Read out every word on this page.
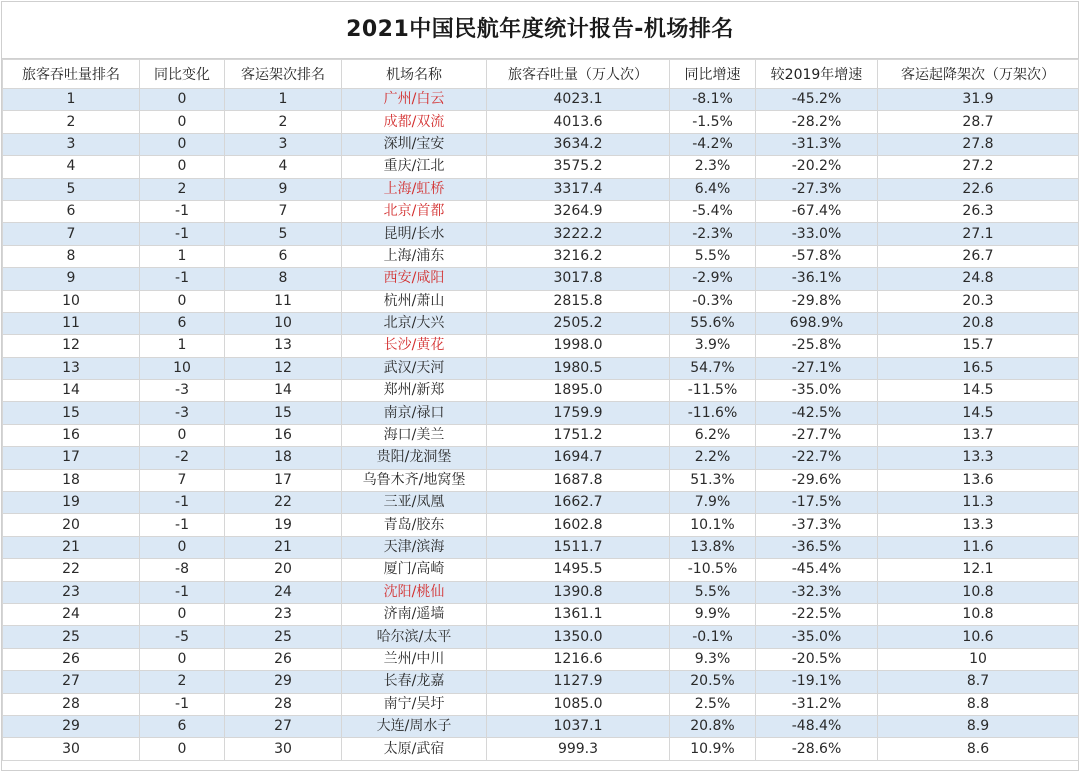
2021中国民航年度统计报告-机场排名
旅客吞吐量排名	同比变化	客运架次排名	机场名称	旅客吞吐量（万人次）	同比增速	较2019年增速	客运起降架次（万架次）
1	0	1	广州/白云	4023.1	-8.1%	-45.2%	31.9
2	0	2	成都/双流	4013.6	-1.5%	-28.2%	28.7
3	0	3	深圳/宝安	3634.2	-4.2%	-31.3%	27.8
4	0	4	重庆/江北	3575.2	2.3%	-20.2%	27.2
5	2	9	上海/虹桥	3317.4	6.4%	-27.3%	22.6
6	-1	7	北京/首都	3264.9	-5.4%	-67.4%	26.3
7	-1	5	昆明/长水	3222.2	-2.3%	-33.0%	27.1
8	1	6	上海/浦东	3216.2	5.5%	-57.8%	26.7
9	-1	8	西安/咸阳	3017.8	-2.9%	-36.1%	24.8
10	0	11	杭州/萧山	2815.8	-0.3%	-29.8%	20.3
11	6	10	北京/大兴	2505.2	55.6%	698.9%	20.8
12	1	13	长沙/黄花	1998.0	3.9%	-25.8%	15.7
13	10	12	武汉/天河	1980.5	54.7%	-27.1%	16.5
14	-3	14	郑州/新郑	1895.0	-11.5%	-35.0%	14.5
15	-3	15	南京/禄口	1759.9	-11.6%	-42.5%	14.5
16	0	16	海口/美兰	1751.2	6.2%	-27.7%	13.7
17	-2	18	贵阳/龙洞堡	1694.7	2.2%	-22.7%	13.3
18	7	17	乌鲁木齐/地窝堡	1687.8	51.3%	-29.6%	13.6
19	-1	22	三亚/凤凰	1662.7	7.9%	-17.5%	11.3
20	-1	19	青岛/胶东	1602.8	10.1%	-37.3%	13.3
21	0	21	天津/滨海	1511.7	13.8%	-36.5%	11.6
22	-8	20	厦门/高崎	1495.5	-10.5%	-45.4%	12.1
23	-1	24	沈阳/桃仙	1390.8	5.5%	-32.3%	10.8
24	0	23	济南/遥墙	1361.1	9.9%	-22.5%	10.8
25	-5	25	哈尔滨/太平	1350.0	-0.1%	-35.0%	10.6
26	0	26	兰州/中川	1216.6	9.3%	-20.5%	10
27	2	29	长春/龙嘉	1127.9	20.5%	-19.1%	8.7
28	-1	28	南宁/吴圩	1085.0	2.5%	-31.2%	8.8
29	6	27	大连/周水子	1037.1	20.8%	-48.4%	8.9
30	0	30	太原/武宿	999.3	10.9%	-28.6%	8.6
